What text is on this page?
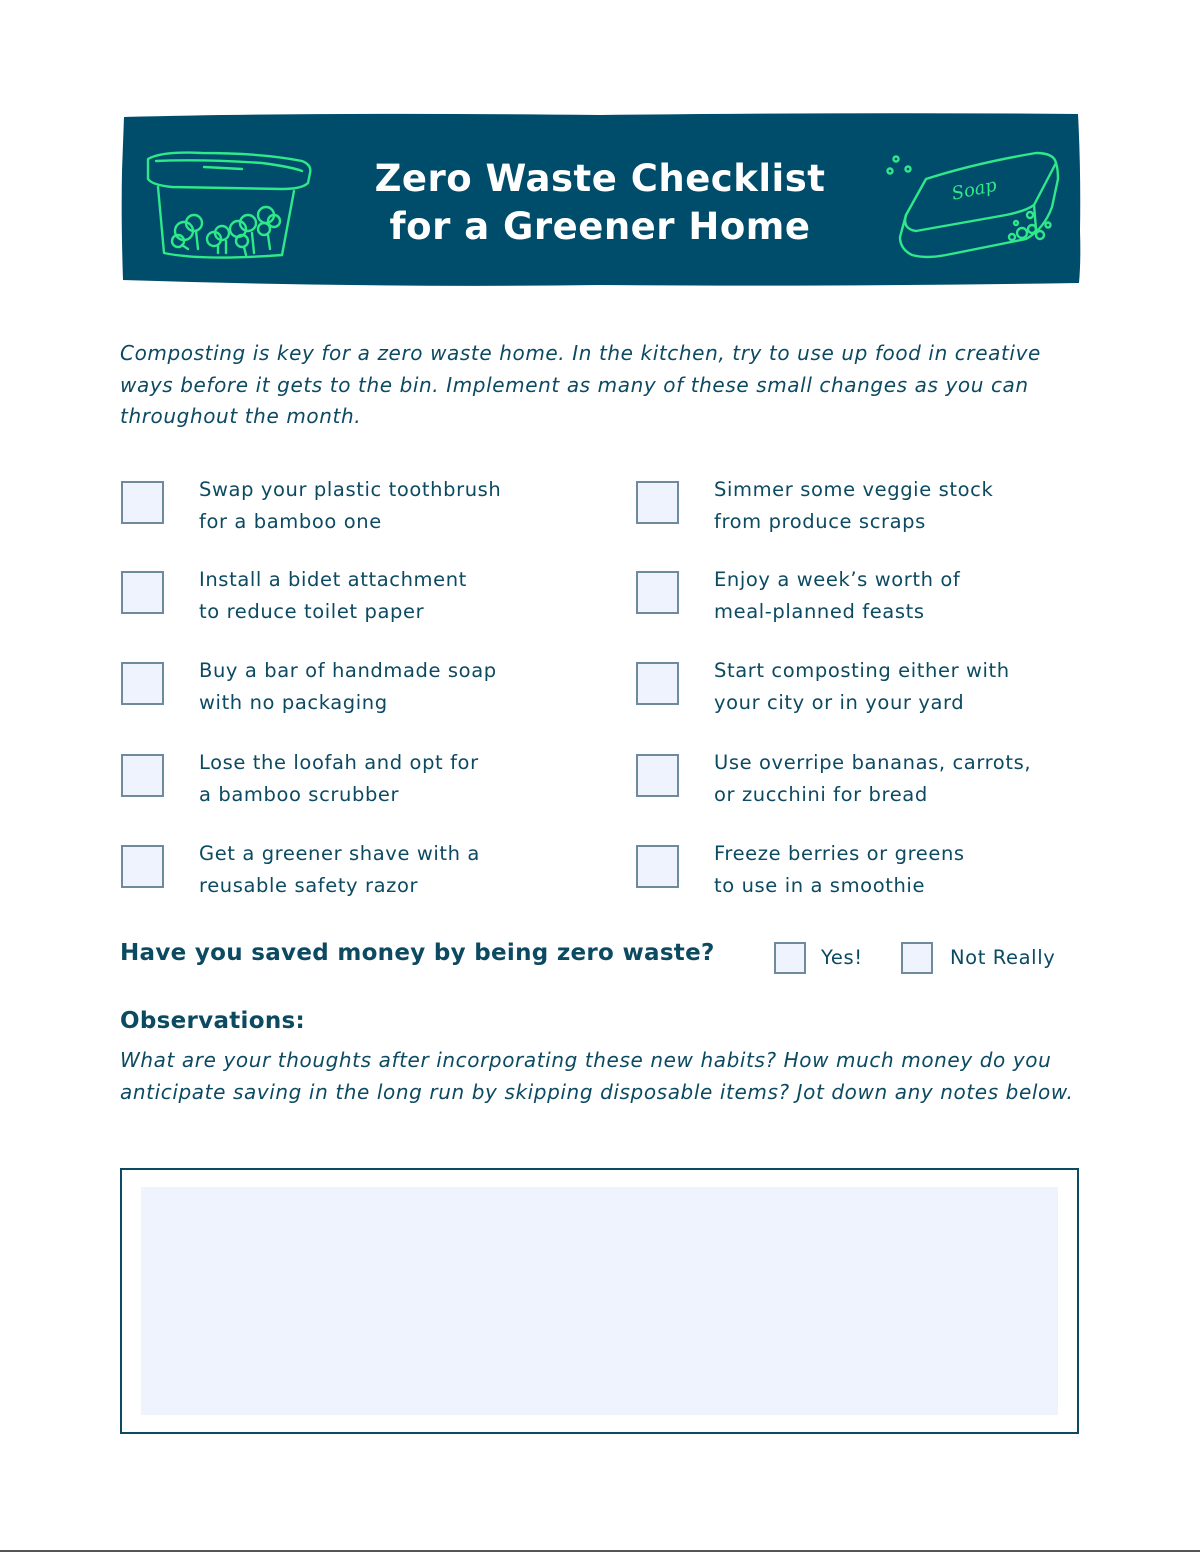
Zero Waste Checklist
for a Greener Home
Soap
Composting is key for a zero waste home. In the kitchen, try to use up food in creative ways before it gets to the bin. Implement as many of these small changes as you can throughout the month.
Swap your plastic toothbrush
for a bamboo one
Install a bidet attachment
to reduce toilet paper
Buy a bar of handmade soap
with no packaging
Lose the loofah and opt for
a bamboo scrubber
Get a greener shave with a
reusable safety razor
Simmer some veggie stock
from produce scraps
Enjoy a week’s worth of
meal-planned feasts
Start composting either with
your city or in your yard
Use overripe bananas, carrots,
or zucchini for bread
Freeze berries or greens
to use in a smoothie
Have you saved money by being zero waste?	Yes!	Not Really
Observations:
What are your thoughts after incorporating these new habits? How much money do you anticipate saving in the long run by skipping disposable items? Jot down any notes below.
